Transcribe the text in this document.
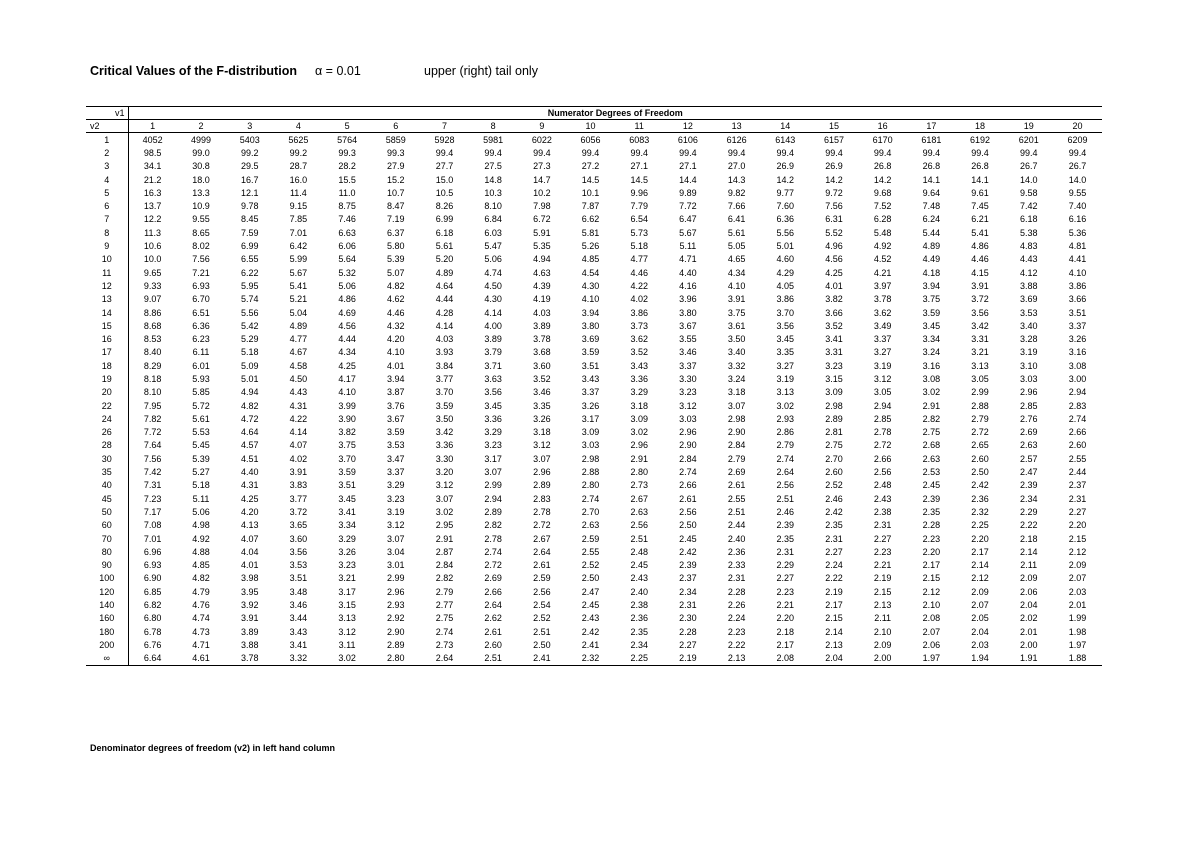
Critical Values of the F-distribution α = 0.01	upper (right) tail only
v1	Numerator Degrees of Freedom																			
v2	1	2	3	4	5	6	7	8	9	10	11	12	13	14	15	16	17	18	19	20
1	4052	4999	5403	5625	5764	5859	5928	5981	6022	6056	6083	6106	6126	6143	6157	6170	6181	6192	6201	6209
2	98.5	99.0	99.2	99.2	99.3	99.3	99.4	99.4	99.4	99.4	99.4	99.4	99.4	99.4	99.4	99.4	99.4	99.4	99.4	99.4
3	34.1	30.8	29.5	28.7	28.2	27.9	27.7	27.5	27.3	27.2	27.1	27.1	27.0	26.9	26.9	26.8	26.8	26.8	26.7	26.7
4	21.2	18.0	16.7	16.0	15.5	15.2	15.0	14.8	14.7	14.5	14.5	14.4	14.3	14.2	14.2	14.2	14.1	14.1	14.0	14.0
5	16.3	13.3	12.1	11.4	11.0	10.7	10.5	10.3	10.2	10.1	9.96	9.89	9.82	9.77	9.72	9.68	9.64	9.61	9.58	9.55
6	13.7	10.9	9.78	9.15	8.75	8.47	8.26	8.10	7.98	7.87	7.79	7.72	7.66	7.60	7.56	7.52	7.48	7.45	7.42	7.40
7	12.2	9.55	8.45	7.85	7.46	7.19	6.99	6.84	6.72	6.62	6.54	6.47	6.41	6.36	6.31	6.28	6.24	6.21	6.18	6.16
8	11.3	8.65	7.59	7.01	6.63	6.37	6.18	6.03	5.91	5.81	5.73	5.67	5.61	5.56	5.52	5.48	5.44	5.41	5.38	5.36
9	10.6	8.02	6.99	6.42	6.06	5.80	5.61	5.47	5.35	5.26	5.18	5.11	5.05	5.01	4.96	4.92	4.89	4.86	4.83	4.81
10	10.0	7.56	6.55	5.99	5.64	5.39	5.20	5.06	4.94	4.85	4.77	4.71	4.65	4.60	4.56	4.52	4.49	4.46	4.43	4.41
11	9.65	7.21	6.22	5.67	5.32	5.07	4.89	4.74	4.63	4.54	4.46	4.40	4.34	4.29	4.25	4.21	4.18	4.15	4.12	4.10
12	9.33	6.93	5.95	5.41	5.06	4.82	4.64	4.50	4.39	4.30	4.22	4.16	4.10	4.05	4.01	3.97	3.94	3.91	3.88	3.86
13	9.07	6.70	5.74	5.21	4.86	4.62	4.44	4.30	4.19	4.10	4.02	3.96	3.91	3.86	3.82	3.78	3.75	3.72	3.69	3.66
14	8.86	6.51	5.56	5.04	4.69	4.46	4.28	4.14	4.03	3.94	3.86	3.80	3.75	3.70	3.66	3.62	3.59	3.56	3.53	3.51
15	8.68	6.36	5.42	4.89	4.56	4.32	4.14	4.00	3.89	3.80	3.73	3.67	3.61	3.56	3.52	3.49	3.45	3.42	3.40	3.37
16	8.53	6.23	5.29	4.77	4.44	4.20	4.03	3.89	3.78	3.69	3.62	3.55	3.50	3.45	3.41	3.37	3.34	3.31	3.28	3.26
17	8.40	6.11	5.18	4.67	4.34	4.10	3.93	3.79	3.68	3.59	3.52	3.46	3.40	3.35	3.31	3.27	3.24	3.21	3.19	3.16
18	8.29	6.01	5.09	4.58	4.25	4.01	3.84	3.71	3.60	3.51	3.43	3.37	3.32	3.27	3.23	3.19	3.16	3.13	3.10	3.08
19	8.18	5.93	5.01	4.50	4.17	3.94	3.77	3.63	3.52	3.43	3.36	3.30	3.24	3.19	3.15	3.12	3.08	3.05	3.03	3.00
20	8.10	5.85	4.94	4.43	4.10	3.87	3.70	3.56	3.46	3.37	3.29	3.23	3.18	3.13	3.09	3.05	3.02	2.99	2.96	2.94
22	7.95	5.72	4.82	4.31	3.99	3.76	3.59	3.45	3.35	3.26	3.18	3.12	3.07	3.02	2.98	2.94	2.91	2.88	2.85	2.83
24	7.82	5.61	4.72	4.22	3.90	3.67	3.50	3.36	3.26	3.17	3.09	3.03	2.98	2.93	2.89	2.85	2.82	2.79	2.76	2.74
26	7.72	5.53	4.64	4.14	3.82	3.59	3.42	3.29	3.18	3.09	3.02	2.96	2.90	2.86	2.81	2.78	2.75	2.72	2.69	2.66
28	7.64	5.45	4.57	4.07	3.75	3.53	3.36	3.23	3.12	3.03	2.96	2.90	2.84	2.79	2.75	2.72	2.68	2.65	2.63	2.60
30	7.56	5.39	4.51	4.02	3.70	3.47	3.30	3.17	3.07	2.98	2.91	2.84	2.79	2.74	2.70	2.66	2.63	2.60	2.57	2.55
35	7.42	5.27	4.40	3.91	3.59	3.37	3.20	3.07	2.96	2.88	2.80	2.74	2.69	2.64	2.60	2.56	2.53	2.50	2.47	2.44
40	7.31	5.18	4.31	3.83	3.51	3.29	3.12	2.99	2.89	2.80	2.73	2.66	2.61	2.56	2.52	2.48	2.45	2.42	2.39	2.37
45	7.23	5.11	4.25	3.77	3.45	3.23	3.07	2.94	2.83	2.74	2.67	2.61	2.55	2.51	2.46	2.43	2.39	2.36	2.34	2.31
50	7.17	5.06	4.20	3.72	3.41	3.19	3.02	2.89	2.78	2.70	2.63	2.56	2.51	2.46	2.42	2.38	2.35	2.32	2.29	2.27
60	7.08	4.98	4.13	3.65	3.34	3.12	2.95	2.82	2.72	2.63	2.56	2.50	2.44	2.39	2.35	2.31	2.28	2.25	2.22	2.20
70	7.01	4.92	4.07	3.60	3.29	3.07	2.91	2.78	2.67	2.59	2.51	2.45	2.40	2.35	2.31	2.27	2.23	2.20	2.18	2.15
80	6.96	4.88	4.04	3.56	3.26	3.04	2.87	2.74	2.64	2.55	2.48	2.42	2.36	2.31	2.27	2.23	2.20	2.17	2.14	2.12
90	6.93	4.85	4.01	3.53	3.23	3.01	2.84	2.72	2.61	2.52	2.45	2.39	2.33	2.29	2.24	2.21	2.17	2.14	2.11	2.09
100	6.90	4.82	3.98	3.51	3.21	2.99	2.82	2.69	2.59	2.50	2.43	2.37	2.31	2.27	2.22	2.19	2.15	2.12	2.09	2.07
120	6.85	4.79	3.95	3.48	3.17	2.96	2.79	2.66	2.56	2.47	2.40	2.34	2.28	2.23	2.19	2.15	2.12	2.09	2.06	2.03
140	6.82	4.76	3.92	3.46	3.15	2.93	2.77	2.64	2.54	2.45	2.38	2.31	2.26	2.21	2.17	2.13	2.10	2.07	2.04	2.01
160	6.80	4.74	3.91	3.44	3.13	2.92	2.75	2.62	2.52	2.43	2.36	2.30	2.24	2.20	2.15	2.11	2.08	2.05	2.02	1.99
180	6.78	4.73	3.89	3.43	3.12	2.90	2.74	2.61	2.51	2.42	2.35	2.28	2.23	2.18	2.14	2.10	2.07	2.04	2.01	1.98
200	6.76	4.71	3.88	3.41	3.11	2.89	2.73	2.60	2.50	2.41	2.34	2.27	2.22	2.17	2.13	2.09	2.06	2.03	2.00	1.97
∞	6.64	4.61	3.78	3.32	3.02	2.80	2.64	2.51	2.41	2.32	2.25	2.19	2.13	2.08	2.04	2.00	1.97	1.94	1.91	1.88
Denominator degrees of freedom (v2) in left hand column
